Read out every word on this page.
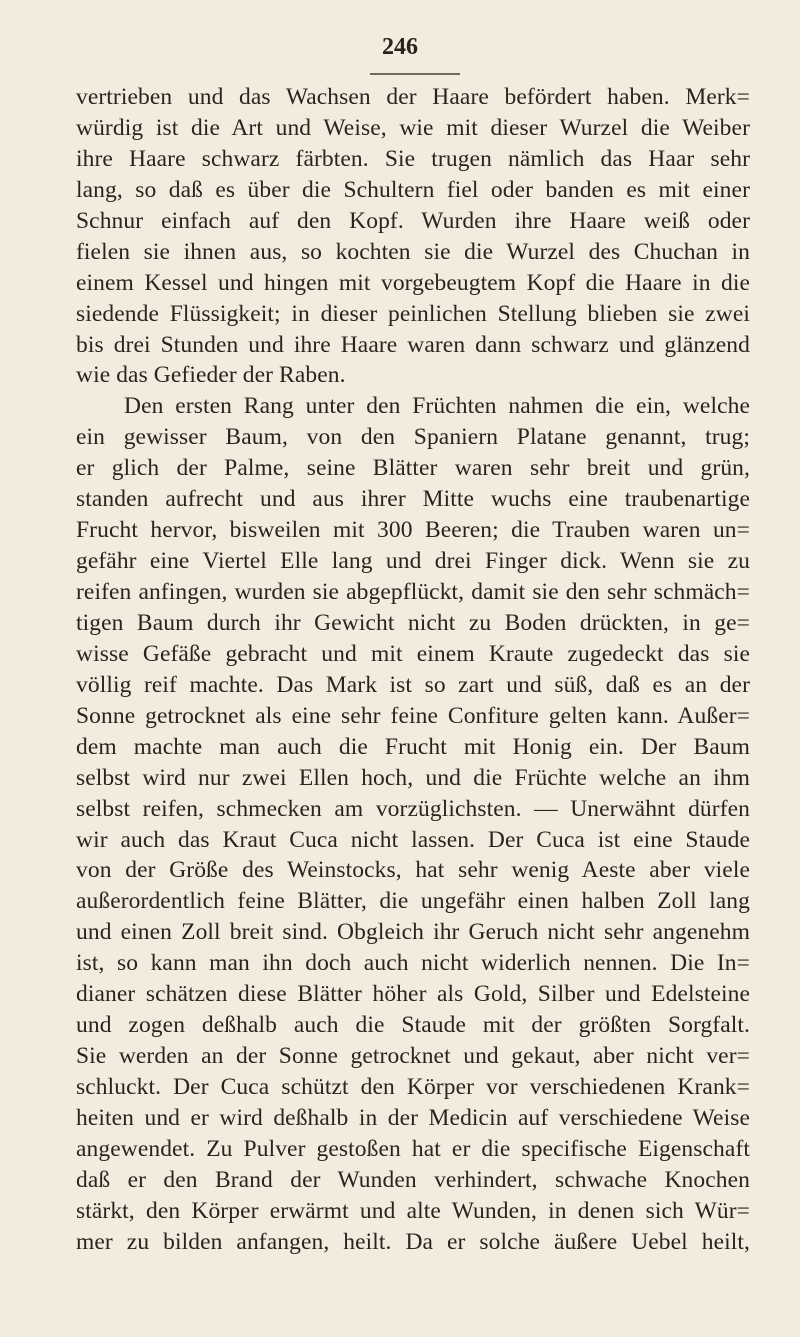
246
vertrieben und das Wachsen der Haare befördert haben. Merk=
würdig ist die Art und Weise, wie mit dieser Wurzel die Weiber
ihre Haare schwarz färbten. Sie trugen nämlich das Haar sehr
lang, so daß es über die Schultern fiel oder banden es mit einer
Schnur einfach auf den Kopf. Wurden ihre Haare weiß oder
fielen sie ihnen aus, so kochten sie die Wurzel des Chuchan in
einem Kessel und hingen mit vorgebeugtem Kopf die Haare in die
siedende Flüssigkeit; in dieser peinlichen Stellung blieben sie zwei
bis drei Stunden und ihre Haare waren dann schwarz und glänzend
wie das Gefieder der Raben.
Den ersten Rang unter den Früchten nahmen die ein, welche
ein gewisser Baum, von den Spaniern Platane genannt, trug;
er glich der Palme, seine Blätter waren sehr breit und grün,
standen aufrecht und aus ihrer Mitte wuchs eine traubenartige
Frucht hervor, bisweilen mit 300 Beeren; die Trauben waren un=
gefähr eine Viertel Elle lang und drei Finger dick. Wenn sie zu
reifen anfingen, wurden sie abgepflückt, damit sie den sehr schmäch=
tigen Baum durch ihr Gewicht nicht zu Boden drückten, in ge=
wisse Gefäße gebracht und mit einem Kraute zugedeckt das sie
völlig reif machte. Das Mark ist so zart und süß, daß es an der
Sonne getrocknet als eine sehr feine Confiture gelten kann. Außer=
dem machte man auch die Frucht mit Honig ein. Der Baum
selbst wird nur zwei Ellen hoch, und die Früchte welche an ihm
selbst reifen, schmecken am vorzüglichsten. — Unerwähnt dürfen
wir auch das Kraut Cuca nicht lassen. Der Cuca ist eine Staude
von der Größe des Weinstocks, hat sehr wenig Aeste aber viele
außerordentlich feine Blätter, die ungefähr einen halben Zoll lang
und einen Zoll breit sind. Obgleich ihr Geruch nicht sehr angenehm
ist, so kann man ihn doch auch nicht widerlich nennen. Die In=
dianer schätzen diese Blätter höher als Gold, Silber und Edelsteine
und zogen deßhalb auch die Staude mit der größten Sorgfalt.
Sie werden an der Sonne getrocknet und gekaut, aber nicht ver=
schluckt. Der Cuca schützt den Körper vor verschiedenen Krank=
heiten und er wird deßhalb in der Medicin auf verschiedene Weise
angewendet. Zu Pulver gestoßen hat er die specifische Eigenschaft
daß er den Brand der Wunden verhindert, schwache Knochen
stärkt, den Körper erwärmt und alte Wunden, in denen sich Wür=
mer zu bilden anfangen, heilt. Da er solche äußere Uebel heilt,
